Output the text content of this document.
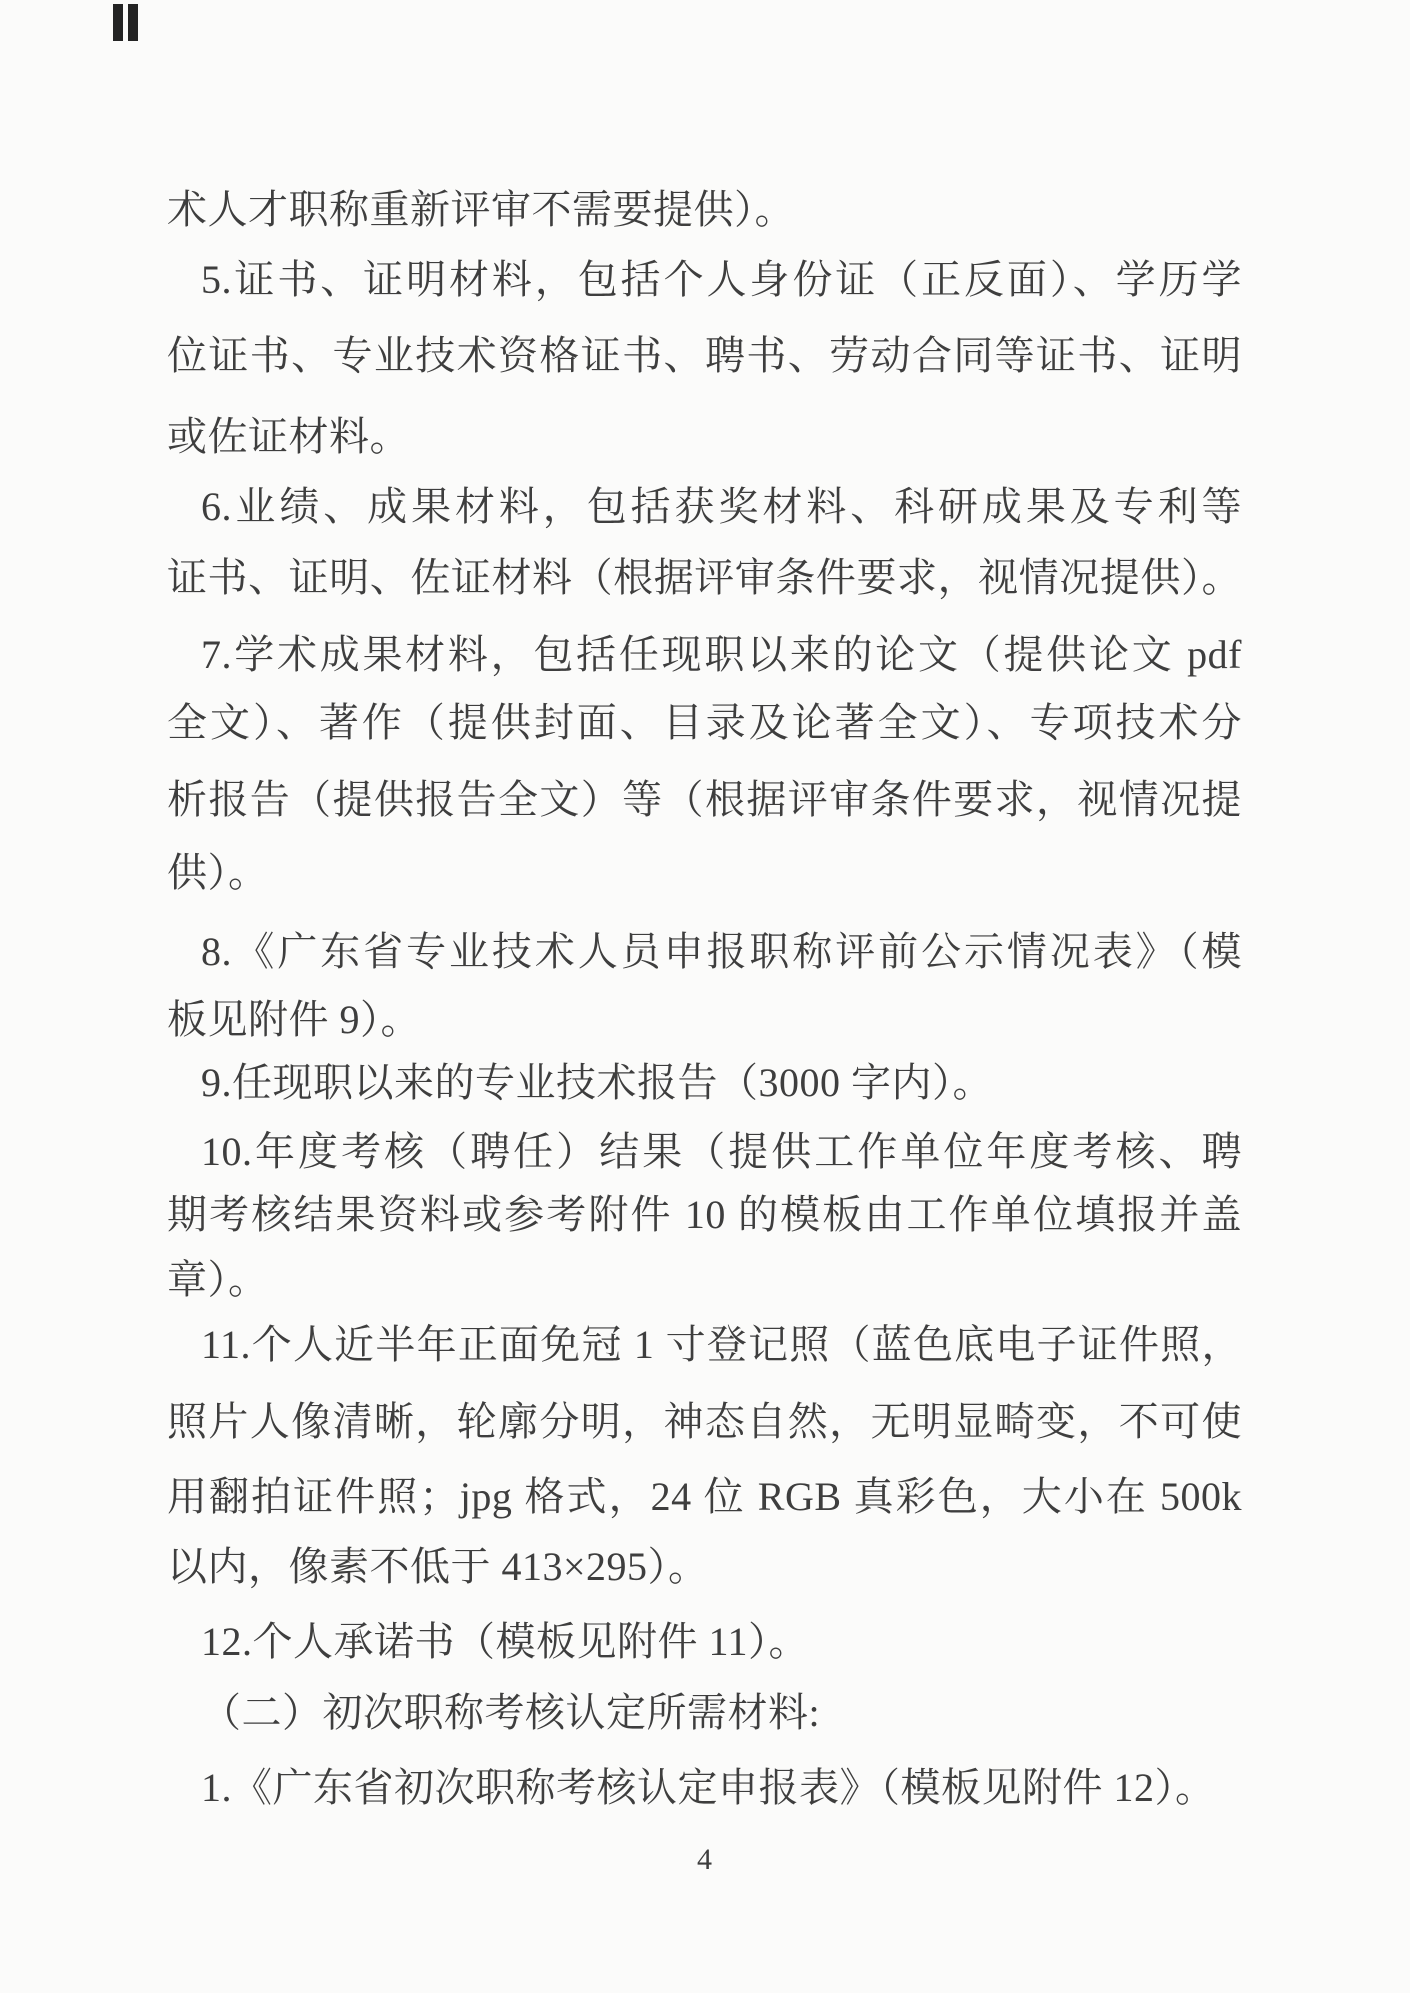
术人才职称重新评审不需要提供）。
5.证书、证明材料，包括个人身份证（正反面）、学历学
位证书、专业技术资格证书、聘书、劳动合同等证书、证明
或佐证材料。
6.业绩、成果材料，包括获奖材料、科研成果及专利等
证书、证明、佐证材料（根据评审条件要求，视情况提供）。
7.学术成果材料，包括任现职以来的论文（提供论文 pdf
全文）、著作（提供封面、目录及论著全文）、专项技术分
析报告（提供报告全文）等（根据评审条件要求，视情况提
供）。
8.《广东省专业技术人员申报职称评前公示情况表》（模
板见附件 9）。
9.任现职以来的专业技术报告（3000 字内）。
10.年度考核（聘任）结果（提供工作单位年度考核、聘
期考核结果资料或参考附件 10 的模板由工作单位填报并盖
章）。
11.个人近半年正面免冠 1 寸登记照（蓝色底电子证件照，
照片人像清晰，轮廓分明，神态自然，无明显畸变，不可使
用翻拍证件照；jpg 格式，24 位 RGB 真彩色，大小在 500k
以内，像素不低于 413×295）。
12.个人承诺书（模板见附件 11）。
（二）初次职称考核认定所需材料:
1.《广东省初次职称考核认定申报表》（模板见附件 12）。
4
